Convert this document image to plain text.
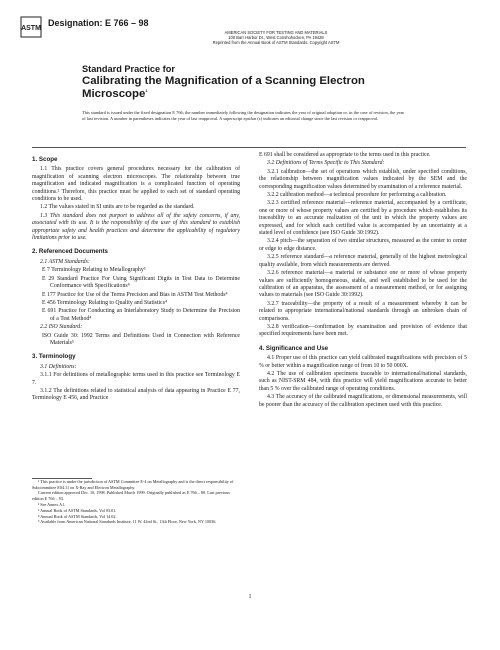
ASTM
Designation: E 766 – 98
AMERICAN SOCIETY FOR TESTING AND MATERIALS
100 Barr Harbor Dr., West Conshohocken, PA 19428
Reprinted from the Annual Book of ASTM Standards. Copyright ASTM
Standard Practice for
Calibrating the Magnification of a Scanning Electron Microscope$^1$
This standard is issued under the fixed designation E 766; the number immediately following the designation indicates the year of original adoption or, in the case of revision, the year of last revision. A number in parentheses indicates the year of last reapproval. A superscript epsilon (ε) indicates an editorial change since the last revision or reapproval.
1. Scope

1.1 This practice covers general procedures necessary for the calibration of magnification of scanning electron microscopes. The relationship between true magnification and indicated magnification is a complicated function of operating conditions.² Therefore, this practice must be applied to each set of standard operating conditions to be used.

1.2 The values stated in SI units are to be regarded as the standard.

1.3 This standard does not purport to address all of the safety concerns, if any, associated with its use. It is the responsibility of the user of this standard to establish appropriate safety and health practices and determine the applicability of regulatory limitations prior to use.

2. Referenced Documents

2.1 ASTM Standards:

E 7 Terminology Relating to Metallography³

E 29 Standard Practice For Using Significant Digits in Test Data to Determine Conformance with Specifications⁴

E 177 Practice for Use of the Terms Precision and Bias in ASTM Test Methods⁴

E 456 Terminology Relating to Quality and Statistics⁴

E 691 Practice for Conducting an Interlaboratory Study to Determine the Precision of a Test Method⁴

2.2 ISO Standard:

ISO Guide 30: 1992 Terms and Definitions Used in Connection with Reference Materials⁵

3. Terminology

3.1 Definitions:

3.1.1 For definitions of metallographic terms used in this practice see Terminology E 7.

3.1.2 The definitions related to statistical analysis of data appearing in Practice E 77, Terminology E 456, and Practice

E 691 shall be considered as appropriate to the terms used in this practice.

3.2 Definitions of Terms Specific to This Standard:

3.2.1 calibration—the set of operations which establish, under specified conditions, the relationship between magnification values indicated by the SEM and the corresponding magnification values determined by examination of a reference material.

3.2.2 calibration method—a technical procedure for performing a calibration.

3.2.3 certified reference material—reference material, accompanied by a certificate, one or more of whose property values are certified by a procedure which establishes its traceability to an accurate realization of the unit in which the property values are expressed, and for which each certified value is accompanied by an uncertainty at a stated level of confidence (see ISO Guide 30:1992).

3.2.4 pitch—the separation of two similar structures, measured as the center to center or edge to edge distance.

3.2.5 reference standard—a reference material, generally of the highest metrological quality available, from which measurements are derived.

3.2.6 reference material—a material or substance one or more of whose property values are sufficiently homogeneous, stable, and well established to be used for the calibration of an apparatus, the assessment of a measurement method, or for assigning values to materials (see ISO Guide 30:1992).

3.2.7 traceability—the property of a result of a measurement whereby it can be related to appropriate international/national standards through an unbroken chain of comparisons.

3.2.8 verification—confirmation by examination and provision of evidence that specified requirements have been met.

4. Significance and Use

4.1 Proper use of this practice can yield calibrated magnifications with precision of 5 % or better within a magnification range of from 10 to 50 000X.

4.2 The use of calibration specimens traceable to international/national standards, such as NIST-SRM 484, with this practice will yield magnifications accurate to better than 5 % over the calibrated range of operating conditions.

4.3 The accuracy of the calibrated magnifications, or dimensional measurements, will be poorer than the accuracy of the calibration specimen used with this practice.

¹ This practice is under the jurisdiction of ASTM Committee E-4 on Metallography and is the direct responsibility of Subcommittee E04.11 on X-Ray and Electron Metallography.
Current edition approved Dec. 10, 1998. Published March 1999. Originally published as E 766 – 80. Last previous edition E 766 – 93.
² See Annex A1.
³ Annual Book of ASTM Standards, Vol 03.01.
⁴ Annual Book of ASTM Standards, Vol 14.02.
⁵ Available from American National Standards Institute, 11 W. 42nd St., 13th Floor, New York, NY 10036.
1
